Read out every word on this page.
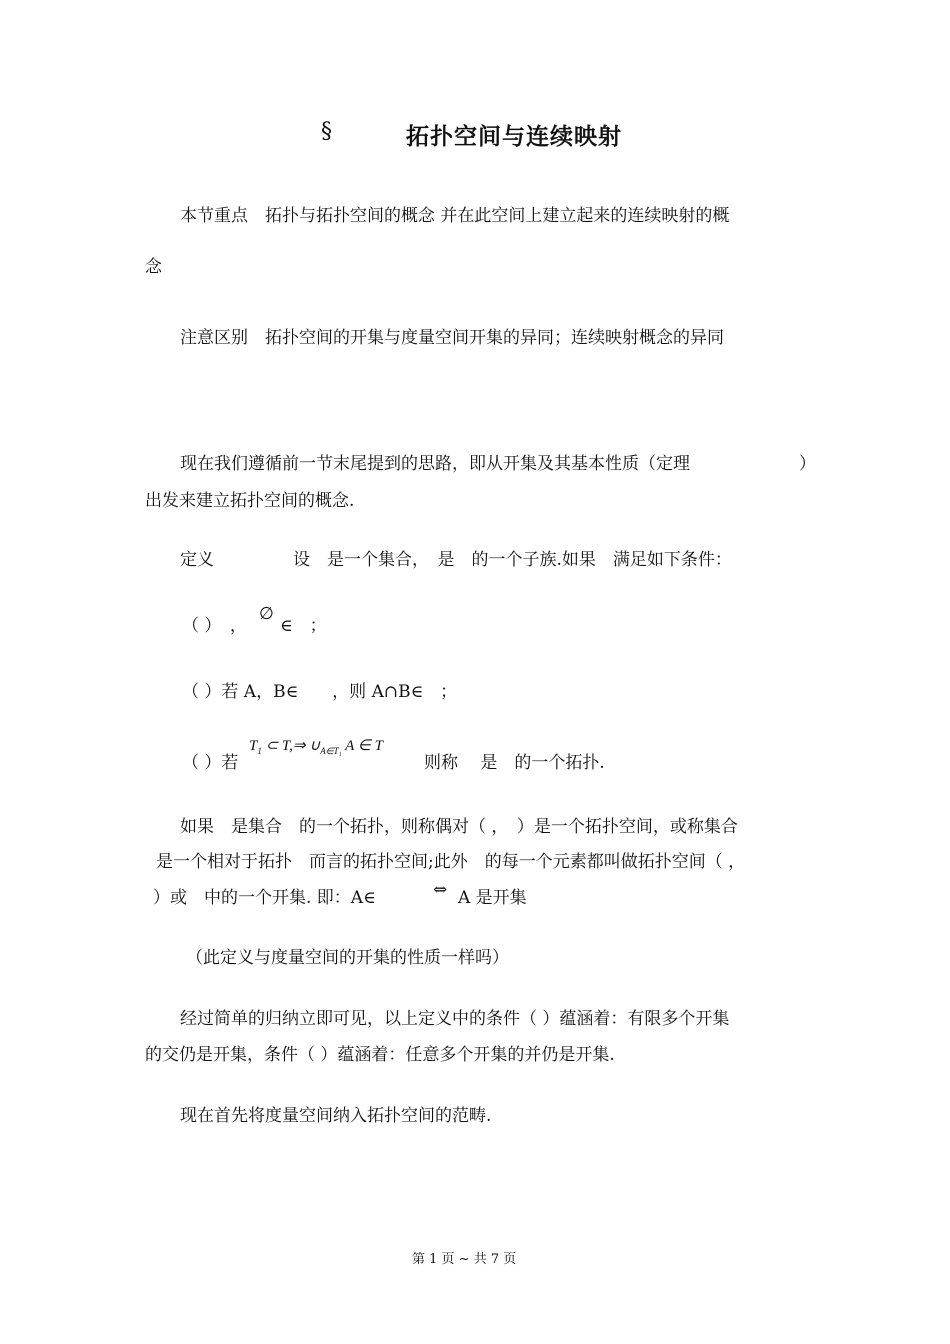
§	拓扑空间与连续映射
本节重点　拓扑与拓扑空间的概念 并在此空间上建立起来的连续映射的概
念
注意区别　拓扑空间的开集与度量空间开集的异同；连续映射概念的异同
现在我们遵循前一节末尾提到的思路，即从开集及其基本性质（定理	）
出发来建立拓扑空间的概念.
定义	设　是一个集合，　是　的一个子族.如果　满足如下条件：
（ ）　，
∅
∈　；
（ ）若 A，B∈　　，则 A∩B∈　；
（ ）若
$T_1$ ⊂ T,⇒ $\cup_{A\in T_1}$ A ∈ T
则称　 是　的一个拓扑.
如果　是集合　的一个拓扑，则称偶对（ ，　）是一个拓扑空间，或称集合
是一个相对于拓扑　而言的拓扑空间;此外　的每一个元素都叫做拓扑空间（ ，
）或　中的一个开集. 即：A∈	⇔ A 是开集
（此定义与度量空间的开集的性质一样吗）
经过简单的归纳立即可见，以上定义中的条件（ ）蕴涵着：有限多个开集
的交仍是开集，条件（ ）蕴涵着：任意多个开集的并仍是开集.
现在首先将度量空间纳入拓扑空间的范畴.
第 1 页 ~ 共 7 页
